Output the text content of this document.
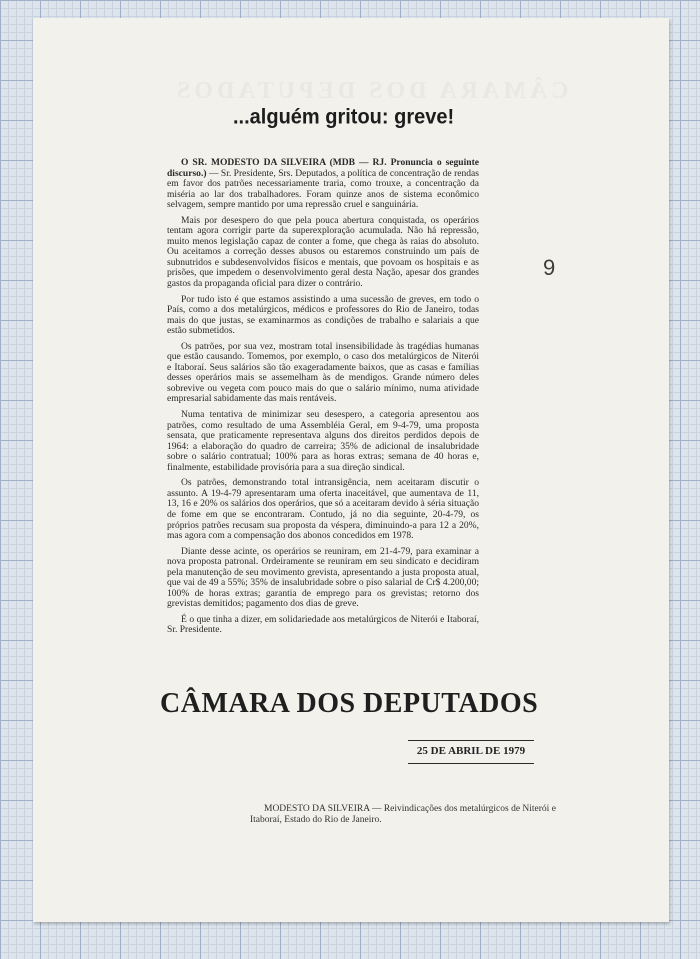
CÂMARA DOS DEPUTADOS
...alguém gritou: greve!
9

O SR. MODESTO DA SILVEIRA (MDB — RJ. Pronuncia o seguinte discurso.) — Sr. Presidente, Srs. Deputados, a política de concentração de rendas em favor dos patrões necessariamente traria, como trouxe, a concentração da miséria ao lar dos trabalhadores. Foram quinze anos de sistema econômico selvagem, sempre mantido por uma repressão cruel e sanguinária.

Mais por desespero do que pela pouca abertura conquistada, os operários tentam agora corrigir parte da superexploração acumulada. Não há repressão, muito menos legislação capaz de conter a fome, que chega às raias do absoluto. Ou aceitamos a correção desses abusos ou estaremos construindo um país de subnutridos e subdesenvolvidos físicos e mentais, que povoam os hospitais e as prisões, que impedem o desenvolvimento geral desta Nação, apesar dos grandes gastos da propaganda oficial para dizer o contrário.

Por tudo isto é que estamos assistindo a uma sucessão de greves, em todo o País, como a dos metalúrgicos, médicos e professores do Rio de Janeiro, todas mais do que justas, se examinarmos as condições de trabalho e salariais a que estão submetidos.

Os patrões, por sua vez, mostram total insensibilidade às tragédias humanas que estão causando. Tomemos, por exemplo, o caso dos metalúrgicos de Niterói e Itaboraí. Seus salários são tão exageradamente baixos, que as casas e famílias desses operários mais se assemelham às de mendigos. Grande número deles sobrevive ou vegeta com pouco mais do que o salário mínimo, numa atividade empresarial sabidamente das mais rentáveis.

Numa tentativa de minimizar seu desespero, a categoria apresentou aos patrões, como resultado de uma Assembléia Geral, em 9-4-79, uma proposta sensata, que praticamente representava alguns dos direitos perdidos depois de 1964: a elaboração do quadro de carreira; 35% de adicional de insalubridade sobre o salário contratual; 100% para as horas extras; semana de 40 horas e, finalmente, estabilidade provisória para a sua direção sindical.

Os patrões, demonstrando total intransigência, nem aceitaram discutir o assunto. A 19-4-79 apresentaram uma oferta inaceitável, que aumentava de 11, 13, 16 e 20% os salários dos operários, que só a aceitaram devido à séria situação de fome em que se encontraram. Contudo, já no dia seguinte, 20-4-79, os próprios patrões recusam sua proposta da véspera, diminuindo-a para 12 a 20%, mas agora com a compensação dos abonos concedidos em 1978.

Diante desse acinte, os operários se reuniram, em 21-4-79, para examinar a nova proposta patronal. Ordeiramente se reuniram em seu sindicato e decidiram pela manutenção de seu movimento grevista, apresentando a justa proposta atual, que vai de 49 a 55%; 35% de insalubridade sobre o piso salarial de Cr$ 4.200,00; 100% de horas extras; garantia de emprego para os grevistas; retorno dos grevistas demitidos; pagamento dos dias de greve.

É o que tinha a dizer, em solidariedade aos metalúrgicos de Niterói e Itaboraí, Sr. Presidente.

CÂMARA DOS DEPUTADOS
25 DE ABRIL DE 1979
MODESTO DA SILVEIRA — Reivindicações dos metalúrgicos de Niterói e Itaboraí, Estado do Rio de Janeiro.
